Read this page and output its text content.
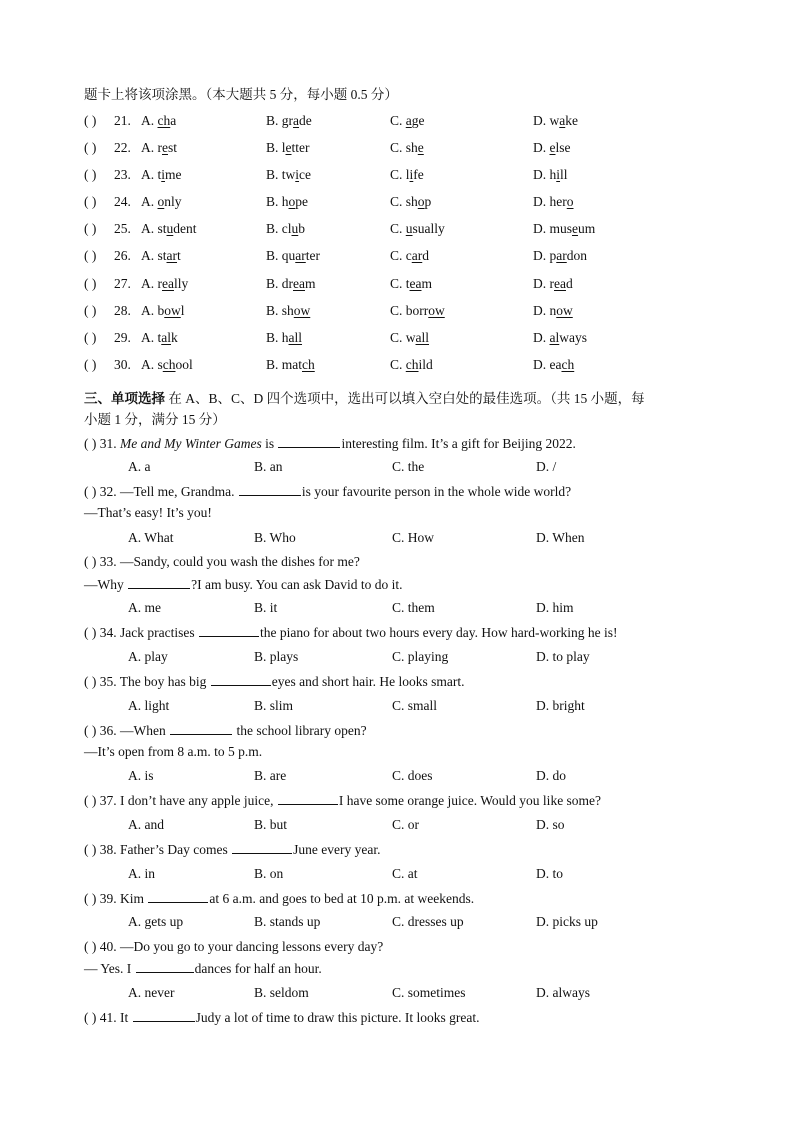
题卡上将该项涂黑。（本大题共 5 分，每小题 0.5 分）
( ) 21. A. cha	B. grade	C. age	D. wake
( ) 22. A. rest	B. letter	C. she	D. else
( ) 23. A. time	B. twice	C. life	D. hill
( ) 24. A. only	B. hope	C. shop	D. hero
( ) 25. A. student	B. club	C. usually	D. museum
( ) 26. A. start	B. quarter	C. card	D. pardon
( ) 27. A. really	B. dream	C. team	D. read
( ) 28. A. bowl	B. show	C. borrow	D. now
( ) 29. A. talk	B. hall	C. wall	D. always
( ) 30. A. school	B. match	C. child	D. each
三、单项选择 在 A、B、C、D 四个选项中，选出可以填入空白处的最佳选项。（共 15 小题，每
小题 1 分，满分 15 分）
( ) 31. Me and My Winter Games is	interesting film. It’s a gift for Beijing 2022.
A. a	B. an	C. the	D. /
( ) 32. —Tell me, Grandma.	is your favourite person in the whole wide world?
—That’s easy! It’s you!
A. What	B. Who	C. How	D. When
( ) 33. —Sandy, could you wash the dishes for me?
—Why	?I am busy. You can ask David to do it.
A. me	B. it	C. them	D. him
( ) 34. Jack practises	the piano for about two hours every day. How hard-working he is!
A. play	B. plays	C. playing	D. to play
( ) 35. The boy has big	eyes and short hair. He looks smart.
A. light	B. slim	C. small	D. bright
( ) 36. —When	the school library open?
—It’s open from 8 a.m. to 5 p.m.
A. is	B. are	C. does	D. do
( ) 37. I don’t have any apple juice,	I have some orange juice. Would you like some?
A. and	B. but	C. or	D. so
( ) 38. Father’s Day comes	June every year.
A. in	B. on	C. at	D. to
( ) 39. Kim	at 6 a.m. and goes to bed at 10 p.m. at weekends.
A. gets up	B. stands up	C. dresses up	D. picks up
( ) 40. —Do you go to your dancing lessons every day?
— Yes. I	dances for half an hour.
A. never	B. seldom	C. sometimes	D. always
( ) 41. It	Judy a lot of time to draw this picture. It looks great.
